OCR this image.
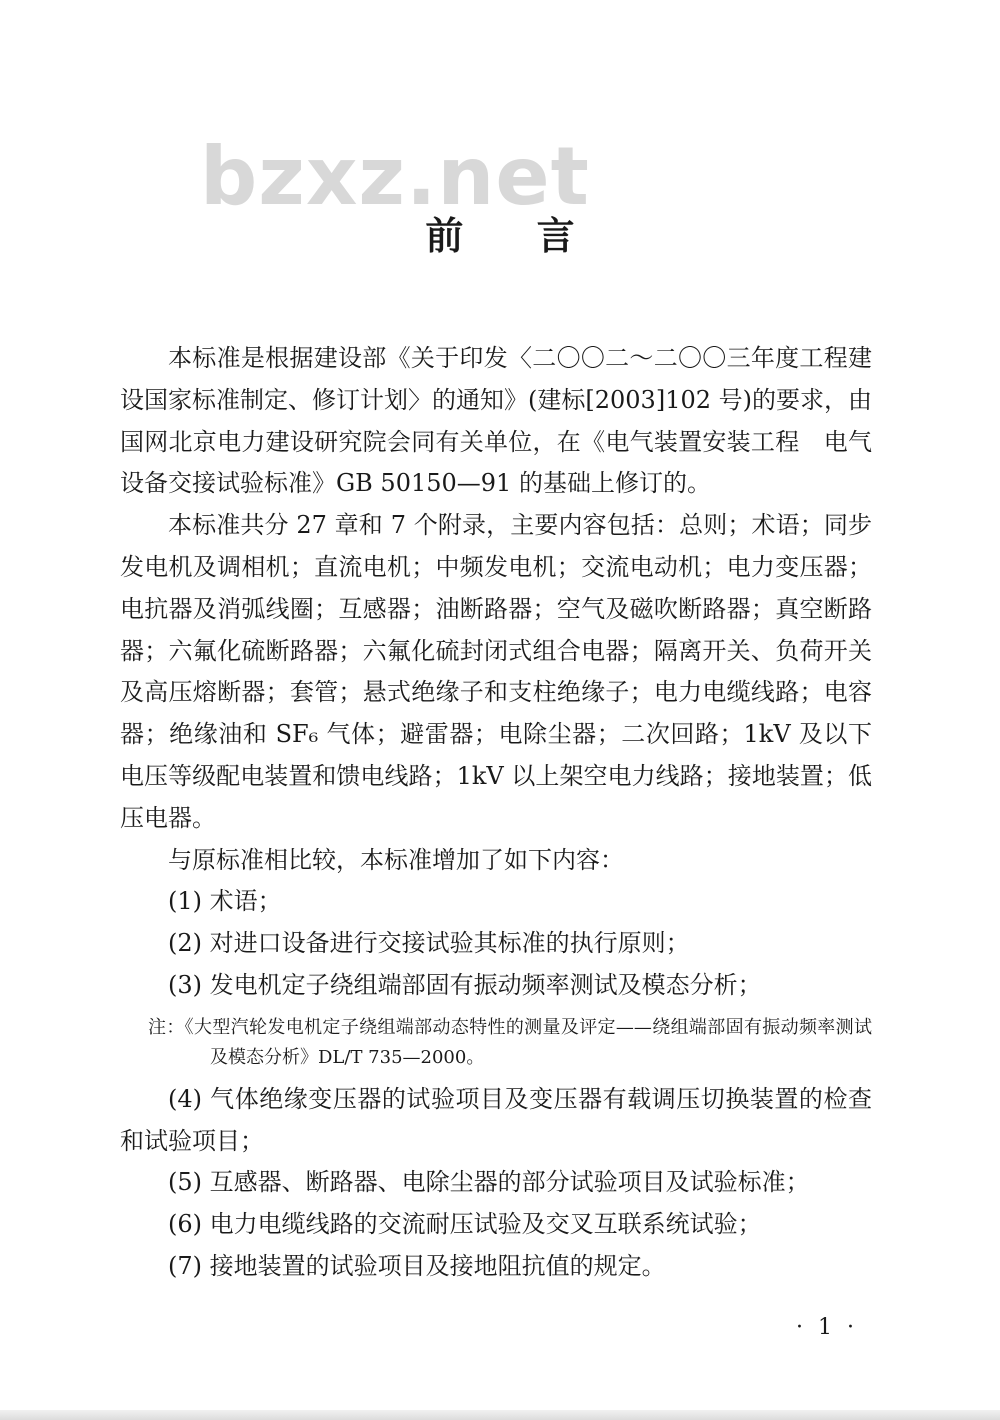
bzxz.net
前 言

本标准是根据建设部《关于印发〈二〇〇二～二〇〇三年度工程建设国家标准制定、修订计划〉的通知》(建标[2003]102 号)的要求，由国网北京电力建设研究院会同有关单位，在《电气装置安装工程　电气设备交接试验标准》GB 50150—91 的基础上修订的。

本标准共分 27 章和 7 个附录，主要内容包括：总则；术语；同步发电机及调相机；直流电机；中频发电机；交流电动机；电力变压器；电抗器及消弧线圈；互感器；油断路器；空气及磁吹断路器；真空断路器；六氟化硫断路器；六氟化硫封闭式组合电器；隔离开关、负荷开关及高压熔断器；套管；悬式绝缘子和支柱绝缘子；电力电缆线路；电容器；绝缘油和 SF₆ 气体；避雷器；电除尘器；二次回路；1kV 及以下电压等级配电装置和馈电线路；1kV 以上架空电力线路；接地装置；低压电器。

与原标准相比较，本标准增加了如下内容：

(1) 术语；
(2) 对进口设备进行交接试验其标准的执行原则；
(3) 发电机定子绕组端部固有振动频率测试及模态分析；

注：《大型汽轮发电机定子绕组端部动态特性的测量及评定——绕组端部固有振动频率测试及模态分析》DL/T 735—2000。

(4) 气体绝缘变压器的试验项目及变压器有载调压切换装置的检查和试验项目；
(5) 互感器、断路器、电除尘器的部分试验项目及试验标准；
(6) 电力电缆线路的交流耐压试验及交叉互联系统试验；
(7) 接地装置的试验项目及接地阻抗值的规定。
· 1 ·
